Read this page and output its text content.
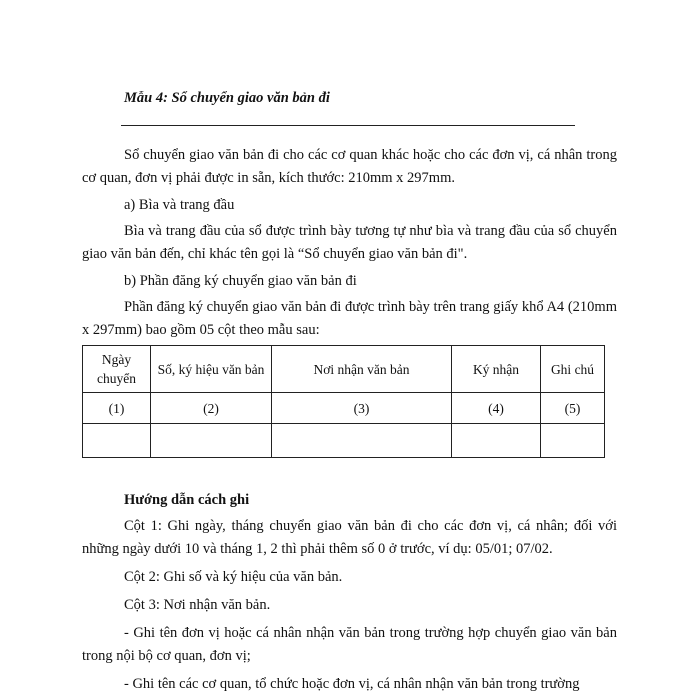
Mẫu 4: Sổ chuyển giao văn bản đi

Sổ chuyển giao văn bản đi cho các cơ quan khác hoặc cho các đơn vị, cá nhân trong cơ quan, đơn vị phải được in sẵn, kích thước: 210mm x 297mm.

a) Bìa và trang đầu

Bìa và trang đầu của sổ được trình bày tương tự như bìa và trang đầu của sổ chuyển giao văn bản đến, chỉ khác tên gọi là “Sổ chuyển giao văn bản đi".

b) Phần đăng ký chuyển giao văn bản đi

Phần đăng ký chuyển giao văn bản đi được trình bày trên trang giấy khổ A4 (210mm x 297mm) bao gồm 05 cột theo mẫu sau:

Ngày chuyển	Số, ký hiệu văn bản	Nơi nhận văn bản	Ký nhận	Ghi chú
(1)	(2)	(3)	(4)	(5)

Hướng dẫn cách ghi

Cột 1: Ghi ngày, tháng chuyển giao văn bản đi cho các đơn vị, cá nhân; đối với những ngày dưới 10 và tháng 1, 2 thì phải thêm số 0 ở trước, ví dụ: 05/01; 07/02.

Cột 2: Ghi số và ký hiệu của văn bản.

Cột 3: Nơi nhận văn bản.

- Ghi tên đơn vị hoặc cá nhân nhận văn bản trong trường hợp chuyển giao văn bản trong nội bộ cơ quan, đơn vị;

- Ghi tên các cơ quan, tổ chức hoặc đơn vị, cá nhân nhận văn bản trong trường
